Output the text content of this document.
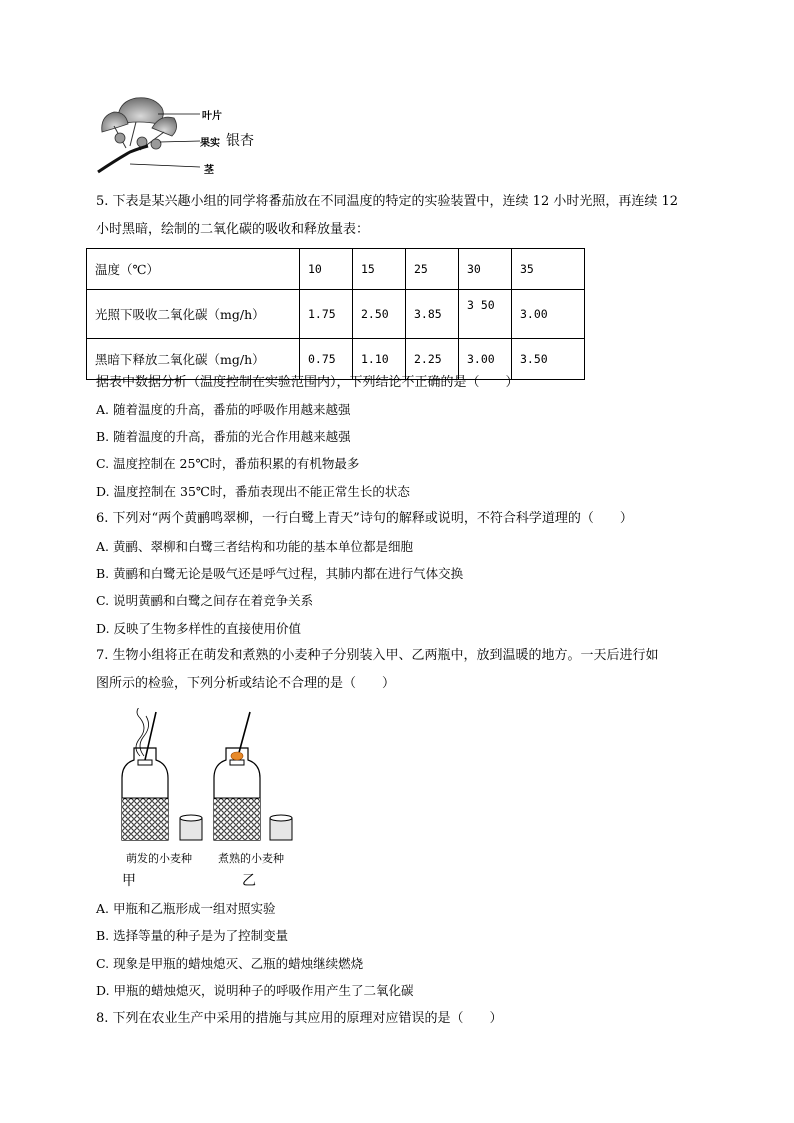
叶片
果实
茎
银杏
5. 下表是某兴趣小组的同学将番茄放在不同温度的特定的实验装置中，连续 12 小时光照，再连续 12
小时黑暗，绘制的二氧化碳的吸收和释放量表：
温度（℃）	10	15	25	30	35
光照下吸收二氧化碳（mg/h）	1.75	2.50	3.85	3 50	3.00
黑暗下释放二氧化碳（mg/h）	0.75	1.10	2.25	3.00	3.50
据表中数据分析（温度控制在实验范围内），下列结论不正确的是（　　）
A. 随着温度的升高，番茄的呼吸作用越来越强
B. 随着温度的升高，番茄的光合作用越来越强
C. 温度控制在 25℃时，番茄积累的有机物最多
D. 温度控制在 35℃时，番茄表现出不能正常生长的状态
6. 下列对“两个黄鹂鸣翠柳，一行白鹭上青天”诗句的解释或说明，不符合科学道理的（　　）
A. 黄鹂、翠柳和白鹭三者结构和功能的基本单位都是细胞
B. 黄鹂和白鹭无论是吸气还是呼气过程，其肺内都在进行气体交换
C. 说明黄鹂和白鹭之间存在着竞争关系
D. 反映了生物多样性的直接使用价值
7. 生物小组将正在萌发和煮熟的小麦种子分别装入甲、乙两瓶中，放到温暖的地方。一天后进行如
图所示的检验，下列分析或结论不合理的是（　　）
萌发的小麦种 煮熟的小麦种
甲	乙
A. 甲瓶和乙瓶形成一组对照实验
B. 选择等量的种子是为了控制变量
C. 现象是甲瓶的蜡烛熄灭、乙瓶的蜡烛继续燃烧
D. 甲瓶的蜡烛熄灭，说明种子的呼吸作用产生了二氧化碳
8. 下列在农业生产中采用的措施与其应用的原理对应错误的是（　　）
